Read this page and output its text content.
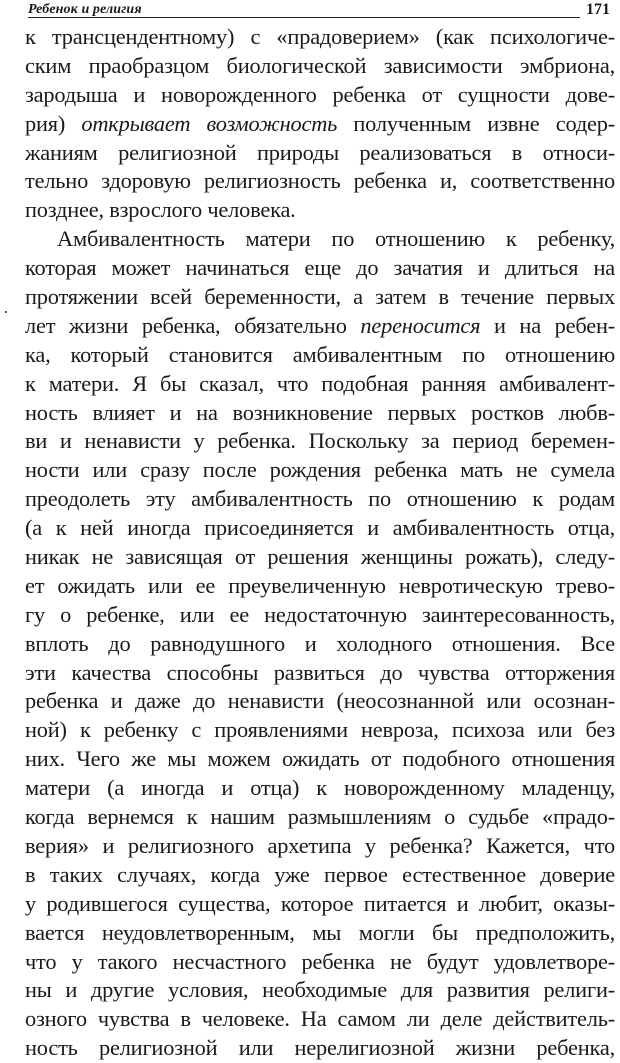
Ребенок и религия	171
к трансцендентному) с «прадоверием» (как психологиче-
ским праобразцом биологической зависимости эмбриона,
зародыша и новорожденного ребенка от сущности дове-
рия) открывает возможность полученным извне содер-
жаниям религиозной природы реализоваться в относи-
тельно здоровую религиозность ребенка и, соответственно
позднее, взрослого человека.
Амбивалентность матери по отношению к ребенку,
которая может начинаться еще до зачатия и длиться на
протяжении всей беременности, а затем в течение первых
лет жизни ребенка, обязательно переносится и на ребен-
ка, который становится амбивалентным по отношению
к матери. Я бы сказал, что подобная ранняя амбивалент-
ность влияет и на возникновение первых ростков любв-
ви и ненависти у ребенка. Поскольку за период беремен-
ности или сразу после рождения ребенка мать не сумела
преодолеть эту амбивалентность по отношению к родам
(а к ней иногда присоединяется и амбивалентность отца,
никак не зависящая от решения женщины рожать), следу-
ет ожидать или ее преувеличенную невротическую трево-
гу о ребенке, или ее недостаточную заинтересованность,
вплоть до равнодушного и холодного отношения. Все
эти качества способны развиться до чувства отторжения
ребенка и даже до ненависти (неосознанной или осознан-
ной) к ребенку с проявлениями невроза, психоза или без
них. Чего же мы можем ожидать от подобного отношения
матери (а иногда и отца) к новорожденному младенцу,
когда вернемся к нашим размышлениям о судьбе «прадо-
верия» и религиозного архетипа у ребенка? Кажется, что
в таких случаях, когда уже первое естественное доверие
у родившегося существа, которое питается и любит, оказы-
вается неудовлетворенным, мы могли бы предположить,
что у такого несчастного ребенка не будут удовлетворе-
ны и другие условия, необходимые для развития религи-
озного чувства в человеке. На самом ли деле действитель-
ность религиозной или нерелигиозной жизни ребенка,
